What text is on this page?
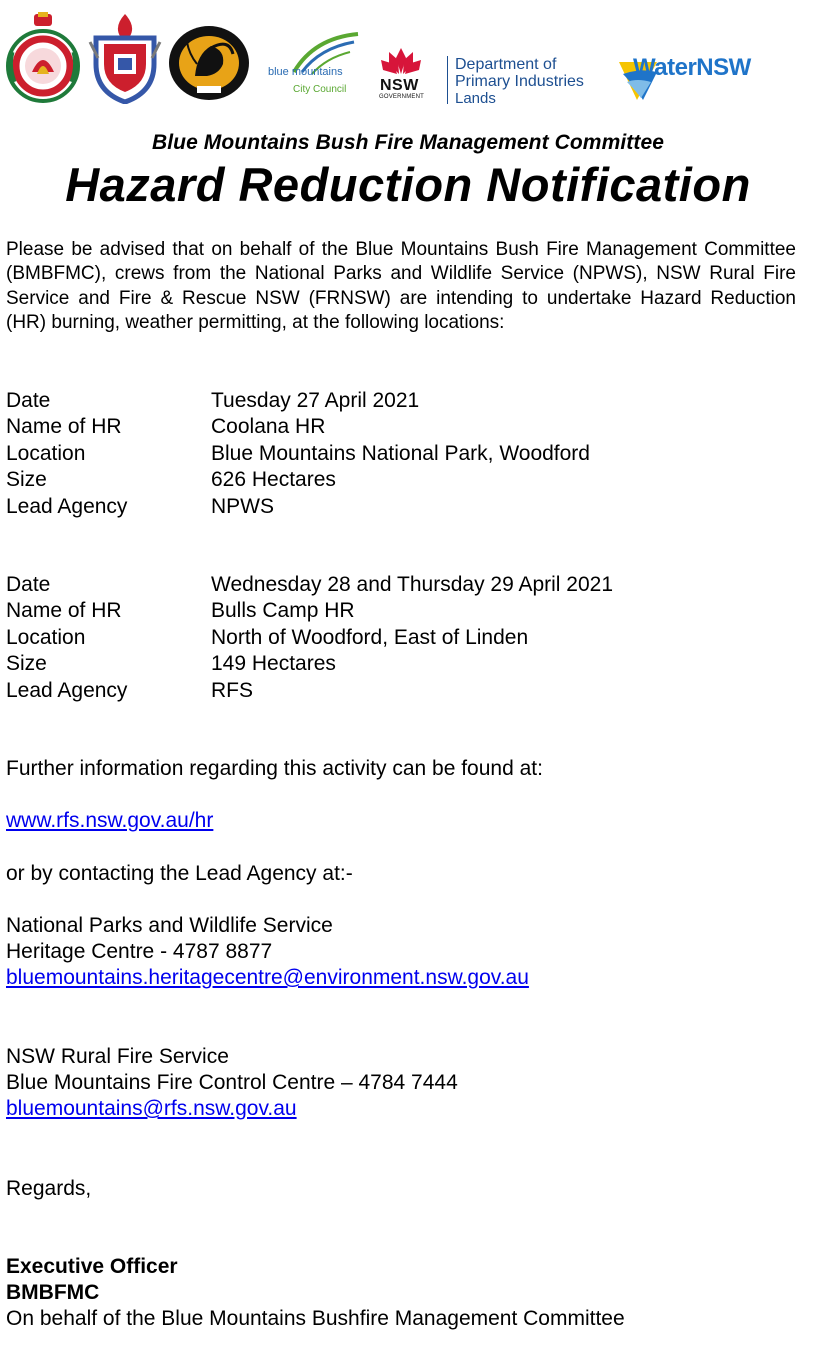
blue mountains
City Council NSW
GOVERNMENT
Department of
Primary Industries
Lands
WaterNSW
Blue Mountains Bush Fire Management Committee
Hazard Reduction Notification
Please be advised that on behalf of the Blue Mountains Bush Fire Management Committee (BMBFMC), crews from the National Parks and Wildlife Service (NPWS), NSW Rural Fire Service and Fire & Rescue NSW (FRNSW) are intending to undertake Hazard Reduction (HR) burning, weather permitting, at the following locations:
Date	Tuesday 27 April 2021
Name of HR	Coolana HR
Location	Blue Mountains National Park, Woodford
Size	626 Hectares
Lead Agency	NPWS
Date	Wednesday 28 and Thursday 29 April 2021
Name of HR	Bulls Camp HR
Location	North of Woodford, East of Linden
Size	149 Hectares
Lead Agency	RFS
Further information regarding this activity can be found at:
www.rfs.nsw.gov.au/hr
or by contacting the Lead Agency at:-
National Parks and Wildlife Service
Heritage Centre - 4787 8877
bluemountains.heritagecentre@environment.nsw.gov.au
NSW Rural Fire Service
Blue Mountains Fire Control Centre – 4784 7444
bluemountains@rfs.nsw.gov.au
Regards,
Executive Officer
BMBFMC
On behalf of the Blue Mountains Bushfire Management Committee
